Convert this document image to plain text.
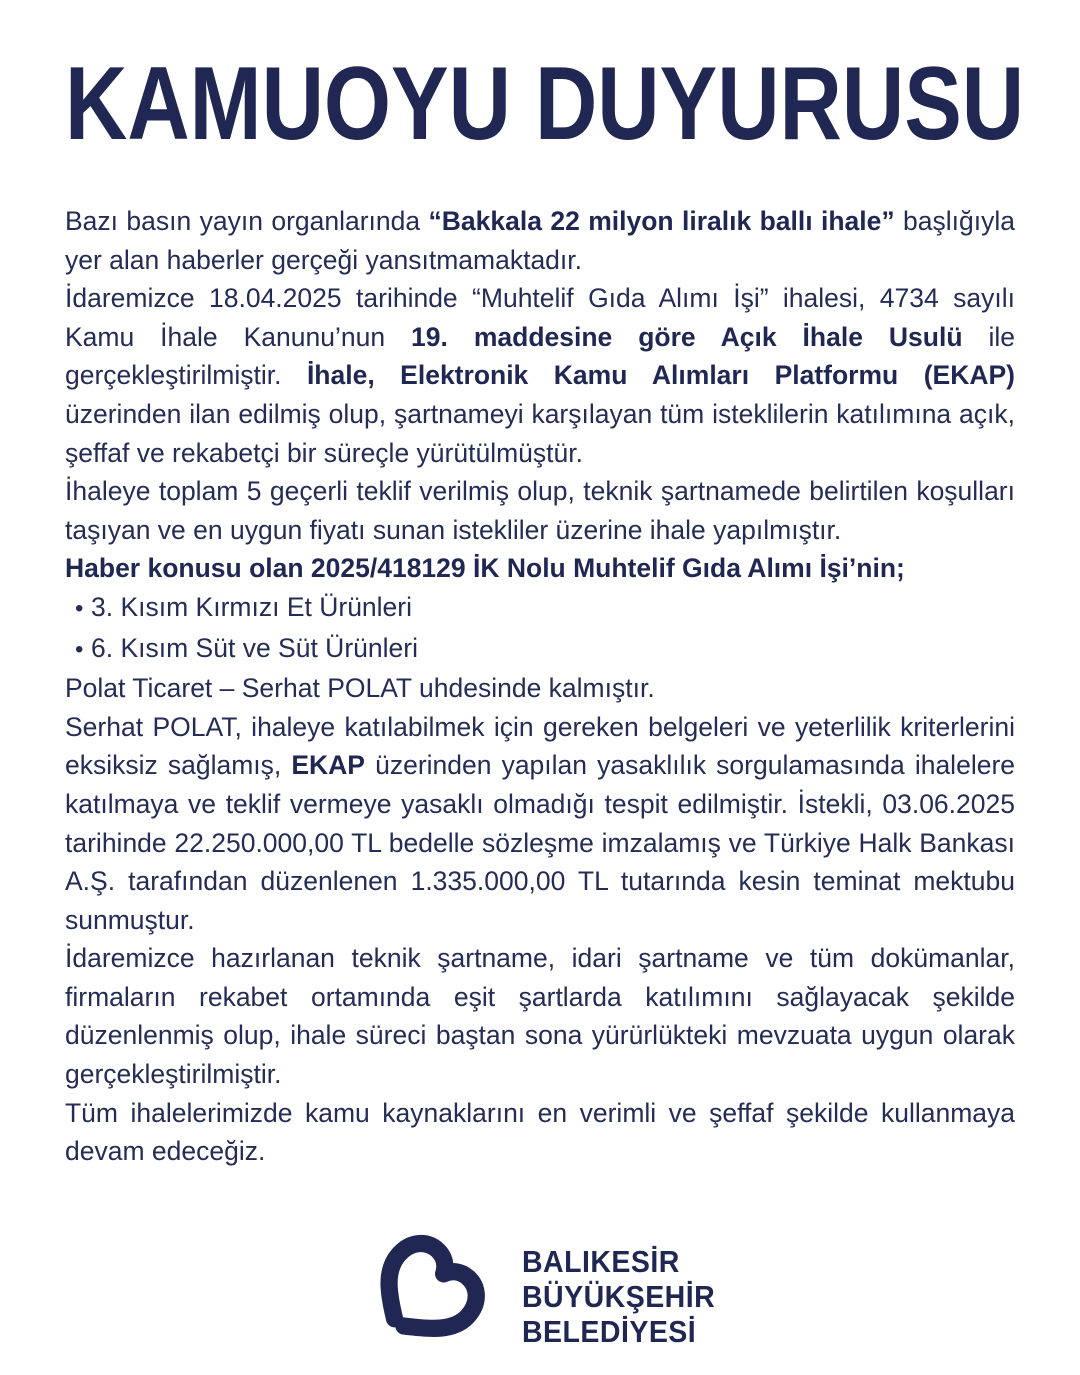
KAMUOYU DUYURUSU

Bazı basın yayın organlarında “Bakkala 22 milyon liralık ballı ihale” başlığıyla yer alan haberler gerçeği yansıtmamaktadır.

İdaremizce 18.04.2025 tarihinde “Muhtelif Gıda Alımı İşi” ihalesi, 4734 sayılı Kamu İhale Kanunu’nun 19. maddesine göre Açık İhale Usulü ile gerçekleştirilmiştir. İhale, Elektronik Kamu Alımları Platformu (EKAP) üzerinden ilan edilmiş olup, şartnameyi karşılayan tüm isteklilerin katılımına açık, şeffaf ve rekabetçi bir süreçle yürütülmüştür.

İhaleye toplam 5 geçerli teklif verilmiş olup, teknik şartnamede belirtilen koşulları taşıyan ve en uygun fiyatı sunan istekliler üzerine ihale yapılmıştır.

Haber konusu olan 2025/418129 İK Nolu Muhtelif Gıda Alımı İşi’nin;

• 3. Kısım Kırmızı Et Ürünleri
• 6. Kısım Süt ve Süt Ürünleri

Polat Ticaret – Serhat POLAT uhdesinde kalmıştır.

Serhat POLAT, ihaleye katılabilmek için gereken belgeleri ve yeterlilik kriterlerini eksiksiz sağlamış, EKAP üzerinden yapılan yasaklılık sorgulamasında ihalelere katılmaya ve teklif vermeye yasaklı olmadığı tespit edilmiştir. İstekli, 03.06.2025 tarihinde 22.250.000,00 TL bedelle sözleşme imzalamış ve Türkiye Halk Bankası A.Ş. tarafından düzenlenen 1.335.000,00 TL tutarında kesin teminat mektubu sunmuştur.

İdaremizce hazırlanan teknik şartname, idari şartname ve tüm dokümanlar, firmaların rekabet ortamında eşit şartlarda katılımını sağlayacak şekilde düzenlenmiş olup, ihale süreci baştan sona yürürlükteki mevzuata uygun olarak gerçekleştirilmiştir.

Tüm ihalelerimizde kamu kaynaklarını en verimli ve şeffaf şekilde kullanmaya devam edeceğiz.

BALIKESİR
BÜYÜKŞEHİR
BELEDİYESİ
